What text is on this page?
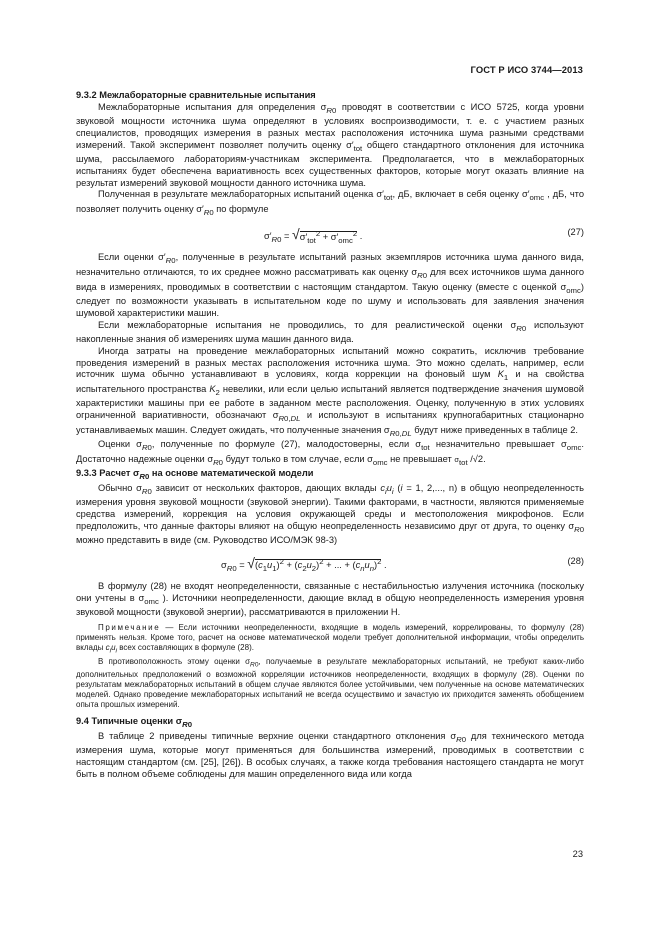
ГОСТ Р ИСО 3744—2013

9.3.2 Межлабораторные сравнительные испытания

Межлабораторные испытания для определения $\sigma_{R0}$ проводят в соответствии с ИСО 5725, когда уровни звуковой мощности источника шума определяют в условиях воспроизводимости, т. е. с участием разных специалистов, проводящих измерения в разных местах расположения источника шума разными средствами измерений. Такой эксперимент позволяет получить оценку $\sigma'_{tot}$ общего стандартного отклонения для источника шума, рассылаемого лабораториям-участникам эксперимента. Предполагается, что в межлабораторных испытаниях будет обеспечена вариативность всех существенных факторов, которые могут оказать влияние на результат измерений звуковой мощности данного источника шума.

Полученная в результате межлабораторных испытаний оценка $\sigma'_{tot}$, дБ, включает в себя оценку $\sigma'_{omc}$ , дБ, что позволяет получить оценку $\sigma'_{R0}$ по формуле

$\sigma'_{R0} = √\sigma'_{tot}^2 + \sigma'_{omc}^2$ .	(27)

Если оценки $\sigma'_{R0}$, полученные в результате испытаний разных экземпляров источника шума данного вида, незначительно отличаются, то их среднее можно рассматривать как оценку $\sigma_{R0}$ для всех источников шума данного вида в измерениях, проводимых в соответствии с настоящим стандартом. Такую оценку (вместе с оценкой $\sigma_{omc}$) следует по возможности указывать в испытательном коде по шуму и использовать для заявления значения шумовой характеристики машин.

Если межлабораторные испытания не проводились, то для реалистической оценки $\sigma_{R0}$ используют накопленные знания об измерениях шума машин данного вида.

Иногда затраты на проведение межлабораторных испытаний можно сократить, исключив требование проведения измерений в разных местах расположения источника шума. Это можно сделать, например, если источник шума обычно устанавливают в условиях, когда коррекции на фоновый шум $K_1$ и на свойства испытательного пространства $K_2$ невелики, или если целью испытаний является подтверждение значения шумовой характеристики машины при ее работе в заданном месте расположения. Оценку, полученную в этих условиях ограниченной вариативности, обозначают $\sigma_{R0,DL}$ и используют в испытаниях крупногабаритных стационарно устанавливаемых машин. Следует ожидать, что полученные значения $\sigma_{R0,DL}$ будут ниже приведенных в таблице 2.

Оценки $\sigma_{R0}$, полученные по формуле (27), малодостоверны, если $\sigma_{tot}$ незначительно превышает $\sigma_{omc}$. Достаточно надежные оценки $\sigma_{R0}$ будут только в том случае, если $\sigma_{omc}$ не превышает $\sigma_{tot}$ /√2.

9.3.3 Расчет $\sigma_{R0}$ на основе математической модели

Обычно $\sigma_{R0}$ зависит от нескольких факторов, дающих вклады $c_iu_i$ (i = 1, 2,..., n) в общую неопределенность измерения уровня звуковой мощности (звуковой энергии). Такими факторами, в частности, являются применяемые средства измерений, коррекция на условия окружающей среды и местоположения микрофонов. Если предположить, что данные факторы влияют на общую неопределенность независимо друг от друга, то оценку $\sigma_{R0}$ можно представить в виде (см. Руководство ИСО/МЭК 98-3)

$\sigma_{R0} = √(c_1u_1)^2 + (c_2u_2)^2$ + ... + $(c_nu_n)^2$ .	(28)

В формулу (28) не входят неопределенности, связанные с нестабильностью излучения источника (поскольку они учтены в $\sigma_{omc}$ ). Источники неопределенности, дающие вклад в общую неопределенность измерения уровня звуковой мощности (звуковой энергии), рассматриваются в приложении Н.

Примечание — Если источники неопределенности, входящие в модель измерений, коррелированы, то формулу (28) применять нельзя. Кроме того, расчет на основе математической модели требует дополнительной информации, чтобы определить вклады $c_iu_i$ всех составляющих в формуле (28).

В противоположность этому оценки $\sigma_{R0}$, получаемые в результате межлабораторных испытаний, не требуют каких-либо дополнительных предположений о возможной корреляции источников неопределенности, входящих в формулу (28). Оценки по результатам межлабораторных испытаний в общем случае являются более устойчивыми, чем полученные на основе математических моделей. Однако проведение межлабораторных испытаний не всегда осуществимо и зачастую их приходится заменять обобщением опыта прошлых измерений.

9.4 Типичные оценки $\sigma_{R0}$

В таблице 2 приведены типичные верхние оценки стандартного отклонения $\sigma_{R0}$ для технического метода измерения шума, которые могут применяться для большинства измерений, проводимых в соответствии с настоящим стандартом (см. [25], [26]). В особых случаях, а также когда требования настоящего стандарта не могут быть в полном объеме соблюдены для машин определенного вида или когда

23
